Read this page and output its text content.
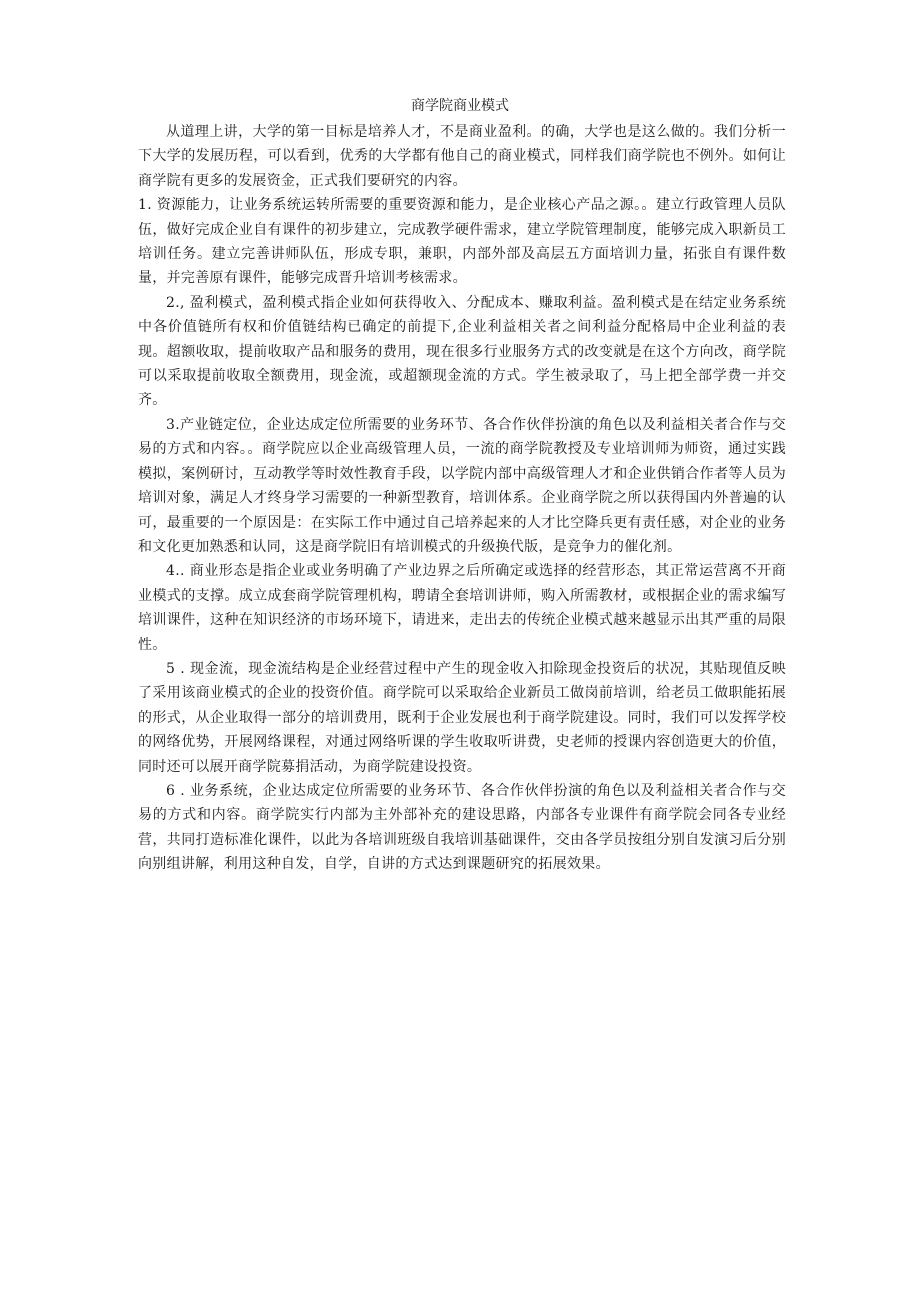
商学院商业模式

从道理上讲，大学的第一目标是培养人才，不是商业盈利。的确，大学也是这么做的。我们分析一下大学的发展历程，可以看到，优秀的大学都有他自己的商业模式，同样我们商学院也不例外。如何让商学院有更多的发展资金，正式我们要研究的内容。

1. 资源能力，让业务系统运转所需要的重要资源和能力，是企业核心产品之源。。建立行政管理人员队伍，做好完成企业自有课件的初步建立，完成教学硬件需求，建立学院管理制度，能够完成入职新员工培训任务。建立完善讲师队伍，形成专职，兼职，内部外部及高层五方面培训力量，拓张自有课件数量，并完善原有课件，能够完成晋升培训考核需求。

2., 盈利模式，盈利模式指企业如何获得收入、分配成本、赚取利益。盈利模式是在结定业务系统中各价值链所有权和价值链结构已确定的前提下,企业利益相关者之间利益分配格局中企业利益的表现。超额收取，提前收取产品和服务的费用，现在很多行业服务方式的改变就是在这个方向改，商学院可以采取提前收取全额费用，现金流，或超额现金流的方式。学生被录取了，马上把全部学费一并交齐。

3.产业链定位，企业达成定位所需要的业务环节、各合作伙伴扮演的角色以及利益相关者合作与交易的方式和内容。。商学院应以企业高级管理人员，一流的商学院教授及专业培训师为师资，通过实践模拟，案例研讨，互动教学等时效性教育手段，以学院内部中高级管理人才和企业供销合作者等人员为培训对象，满足人才终身学习需要的一种新型教育，培训体系。企业商学院之所以获得国内外普遍的认可，最重要的一个原因是：在实际工作中通过自己培养起来的人才比空降兵更有责任感，对企业的业务和文化更加熟悉和认同，这是商学院旧有培训模式的升级换代版，是竞争力的催化剂。

4.. 商业形态是指企业或业务明确了产业边界之后所确定或选择的经营形态，其正常运营离不开商业模式的支撑。成立成套商学院管理机构，聘请全套培训讲师，购入所需教材，或根据企业的需求编写培训课件，这种在知识经济的市场环境下，请进来，走出去的传统企业模式越来越显示出其严重的局限性。

5 . 现金流，现金流结构是企业经营过程中产生的现金收入扣除现金投资后的状况，其贴现值反映了采用该商业模式的企业的投资价值。商学院可以采取给企业新员工做岗前培训，给老员工做职能拓展的形式，从企业取得一部分的培训费用，既利于企业发展也利于商学院建设。同时，我们可以发挥学校的网络优势，开展网络课程，对通过网络听课的学生收取听讲费，史老师的授课内容创造更大的价值，同时还可以展开商学院募捐活动，为商学院建设投资。

6 . 业务系统，企业达成定位所需要的业务环节、各合作伙伴扮演的角色以及利益相关者合作与交易的方式和内容。商学院实行内部为主外部补充的建设思路，内部各专业课件有商学院会同各专业经营，共同打造标准化课件，以此为各培训班级自我培训基础课件，交由各学员按组分别自发演习后分别向别组讲解，利用这种自发，自学，自讲的方式达到课题研究的拓展效果。
